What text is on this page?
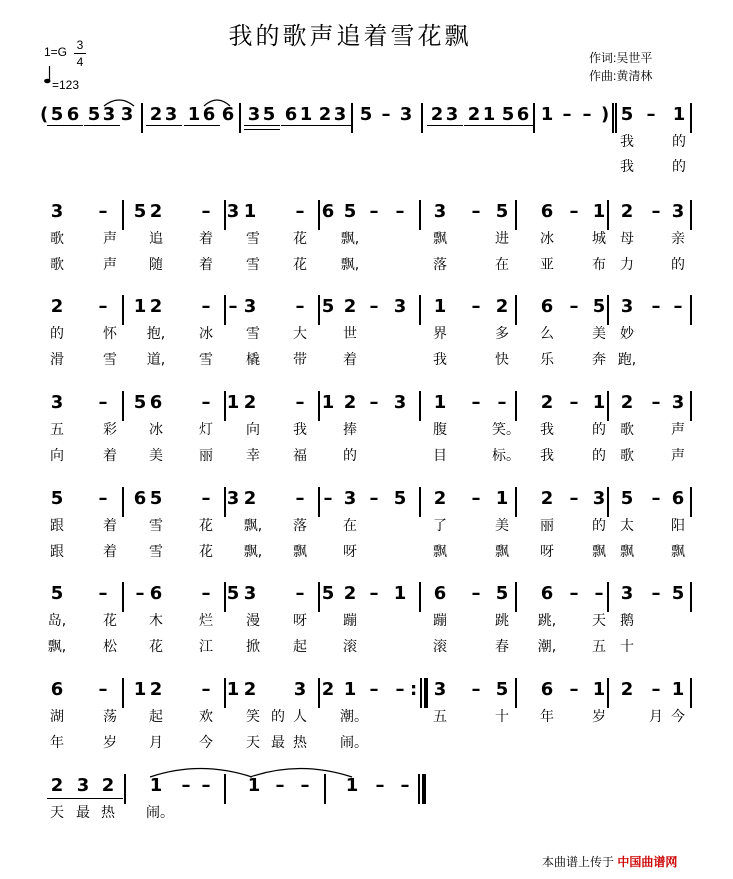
我的歌声追着雪花飘
1=G 3
4
=123
作词:吴世平
作曲:黄清林
( 5 6 5 3 3 2 3 1 6 6 3 5 6 1 2 3 5 – 3 2 3 2 1 5 6 1 – – ) 5 – 1
我	的
我	的
3	–	5 2	– 3 1	– 6 5 – –	3	– 5 6 – 1 2	– 3
歌	声 追	着 雪 花 飘,	飘	进 冰	城 母	亲
歌	声 随	着 雪 花 飘,	落	在 亚	布 力	的
2	–	1 2	–	– 3	– 5 2 – 3 1	– 2 6 – 5 3	– –
的	怀 抱, 冰 雪 大	世	界	多 么	美 妙
滑	雪 道, 雪 橇 带	着	我	快 乐	奔 跑,
3	–	5 6	– 1 2	– 1 2 – 3 1	– –	2 – 1 2	– 3
五	彩 冰	灯 向 我	捧	腹	笑。 我	的 歌	声
向	着 美	丽 幸 福	的	目	标。 我	的 歌	声
5	–	6 5	– 3 2	–	– 3 – 5 2	– 1 2 – 3 5	– 6
跟	着 雪	花 飘, 落	在	了	美 丽	的 太	阳
跟	着 雪	花 飘, 飘	呀	飘	飘 呀	飘 飘	飘
5	–	– 6	– 5 3	– 5 2 – 1 6	– 5 6 – – 3	– 5
岛,	花 木	烂 漫 呀	蹦	蹦	跳 跳,	天 鹅
飘,	松 花	江 掀 起	滚	滚	春 潮,	五 十
6	–	1 2	– 1 2 3 2 1 – –	3	– 5 6 – 1 2	– 1
:
湖	荡 起	欢 笑 的 人 潮。	五	十 年	岁	月 今
年	岁 月	今 天 最 热 闹。
2 3 2 1	– –	1 – –	1 – –
天 最 热 闹。
本曲谱上传于 中国曲谱网
